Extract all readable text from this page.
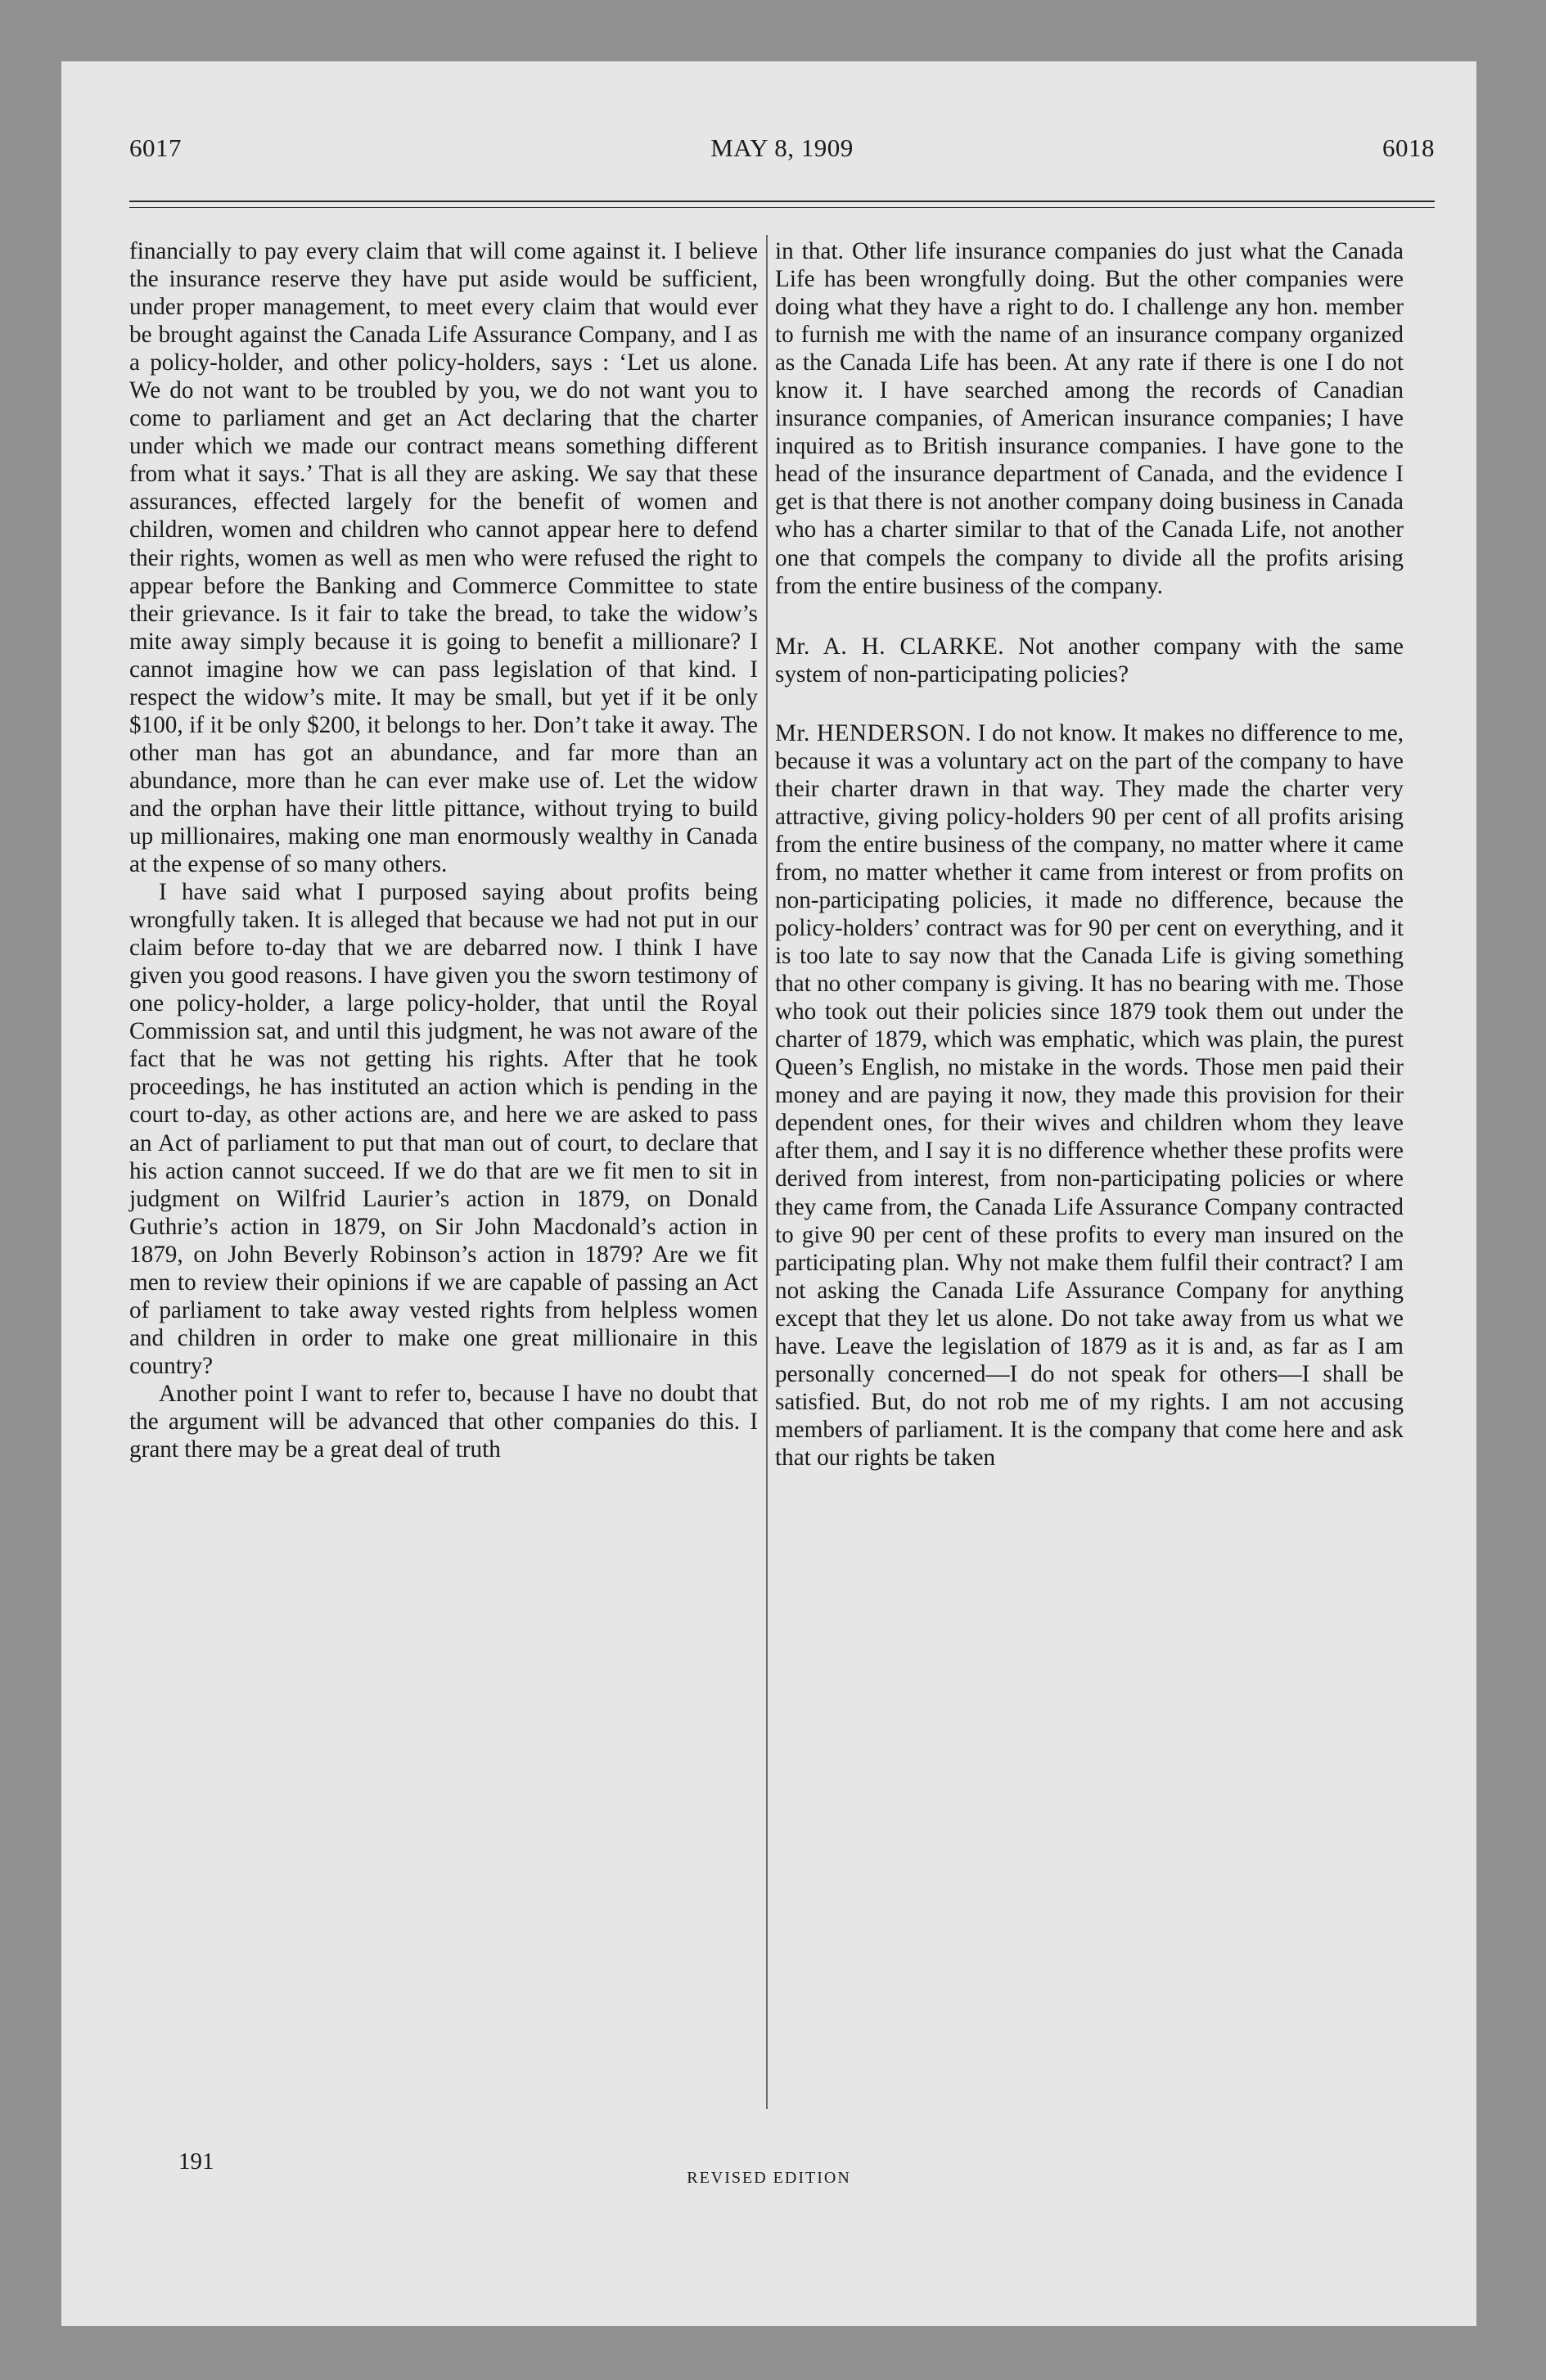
6017	MAY 8, 1909	6018

financially to pay every claim that will come against it. I believe the insurance reserve they have put aside would be sufficient, under proper management, to meet every claim that would ever be brought against the Canada Life Assurance Company, and I as a policy-holder, and other policy-holders, says : ‘Let us alone. We do not want to be troubled by you, we do not want you to come to parliament and get an Act declaring that the charter under which we made our contract means something different from what it says.’ That is all they are asking. We say that these assurances, effected largely for the benefit of women and children, women and children who cannot appear here to defend their rights, women as well as men who were refused the right to appear before the Banking and Commerce Committee to state their grievance. Is it fair to take the bread, to take the widow’s mite away simply because it is going to benefit a millionare? I cannot imagine how we can pass legislation of that kind. I respect the widow’s mite. It may be small, but yet if it be only $100, if it be only $200, it belongs to her. Don’t take it away. The other man has got an abundance, and far more than an abundance, more than he can ever make use of. Let the widow and the orphan have their little pittance, without trying to build up millionaires, making one man enormously wealthy in Canada at the expense of so many others.

I have said what I purposed saying about profits being wrongfully taken. It is alleged that because we had not put in our claim before to-day that we are debarred now. I think I have given you good reasons. I have given you the sworn testimony of one policy-holder, a large policy-holder, that until the Royal Commission sat, and until this judgment, he was not aware of the fact that he was not getting his rights. After that he took proceedings, he has instituted an action which is pending in the court to-day, as other actions are, and here we are asked to pass an Act of parliament to put that man out of court, to declare that his action cannot succeed. If we do that are we fit men to sit in judgment on Wilfrid Laurier’s action in 1879, on Donald Guthrie’s action in 1879, on Sir John Macdonald’s action in 1879, on John Beverly Robinson’s action in 1879? Are we fit men to review their opinions if we are capable of passing an Act of parliament to take away vested rights from helpless women and children in order to make one great millionaire in this country?

Another point I want to refer to, because I have no doubt that the argument will be advanced that other companies do this. I grant there may be a great deal of truth

in that. Other life insurance companies do just what the Canada Life has been wrongfully doing. But the other companies were doing what they have a right to do. I challenge any hon. member to furnish me with the name of an insurance company organized as the Canada Life has been. At any rate if there is one I do not know it. I have searched among the records of Canadian insurance companies, of American insurance companies; I have inquired as to British insurance companies. I have gone to the head of the insurance department of Canada, and the evidence I get is that there is not another company doing business in Canada who has a charter similar to that of the Canada Life, not another one that compels the company to divide all the profits arising from the entire business of the company.

Mr. A. H. CLARKE. Not another company with the same system of non-participating policies?

Mr. HENDERSON. I do not know. It makes no difference to me, because it was a voluntary act on the part of the company to have their charter drawn in that way. They made the charter very attractive, giving policy-holders 90 per cent of all profits arising from the entire business of the company, no matter where it came from, no matter whether it came from interest or from profits on non-participating policies, it made no difference, because the policy-holders’ contract was for 90 per cent on everything, and it is too late to say now that the Canada Life is giving something that no other company is giving. It has no bearing with me. Those who took out their policies since 1879 took them out under the charter of 1879, which was emphatic, which was plain, the purest Queen’s English, no mistake in the words. Those men paid their money and are paying it now, they made this provision for their dependent ones, for their wives and children whom they leave after them, and I say it is no difference whether these profits were derived from interest, from non-participating policies or where they came from, the Canada Life Assurance Company contracted to give 90 per cent of these profits to every man insured on the participating plan. Why not make them fulfil their contract? I am not asking the Canada Life Assurance Company for anything except that they let us alone. Do not take away from us what we have. Leave the legislation of 1879 as it is and, as far as I am personally concerned—I do not speak for others—I shall be satisfied. But, do not rob me of my rights. I am not accusing members of parliament. It is the company that come here and ask that our rights be taken

191
REVISED EDITION
